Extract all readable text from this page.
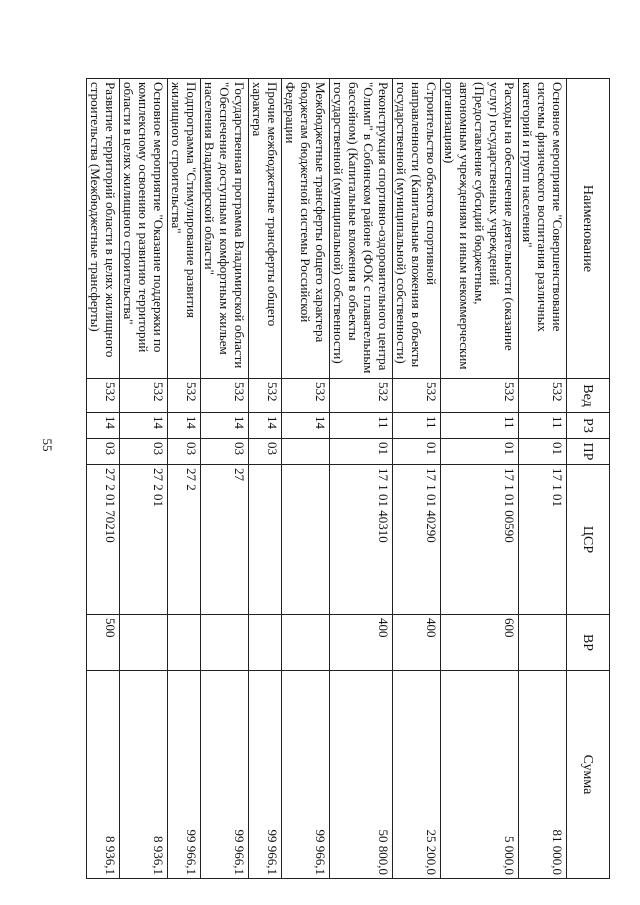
55
Наименование	Вед	РЗ	ПР	ЦСР	ВР	Сумма
Основное мероприятие "Совершенствование системы физического воспитания различных категорий и групп населения"	532	11	01	17 1 01		81 000,0
Расходы на обеспечение деятельности (оказание услуг) государственных учреждений (Предоставление субсидий бюджетным, автономным учреждениям и иным некоммерческим организациям)	532	11	01	17 1 01 00590	600	5 000,0
Строительство объектов спортивной направленности (Капитальные вложения в объекты государственной (муниципальной) собственности)	532	11	01	17 1 01 40290	400	25 200,0
Реконструкция спортивно-оздоровительного центра "Олимп" в Собинском районе (ФОК с плавательным бассейном) (Капитальные вложения в объекты государственной (муниципальной) собственности)	532	11	01	17 1 01 40310	400	50 800,0
Межбюджетные трансферты общего характера бюджетам бюджетной системы Российской Федерации	532	14				99 966,1
Прочие межбюджетные трансферты общего характера	532	14	03			99 966,1
Государственная программа Владимирской области "Обеспечение доступным и комфортным жильем населения Владимирской области"	532	14	03	27		99 966,1
Подпрограмма "Стимулирование развития жилищного строительства"	532	14	03	27 2		99 966,1
Основное мероприятие "Оказание поддержки по комплексному освоению и развитию территорий области в целях жилищного строительства"	532	14	03	27 2 01		8 936,1
Развитие территорий области в целях жилищного строительства (Межбюджетные трансферты)	532	14	03	27 2 01 70210	500	8 936,1
